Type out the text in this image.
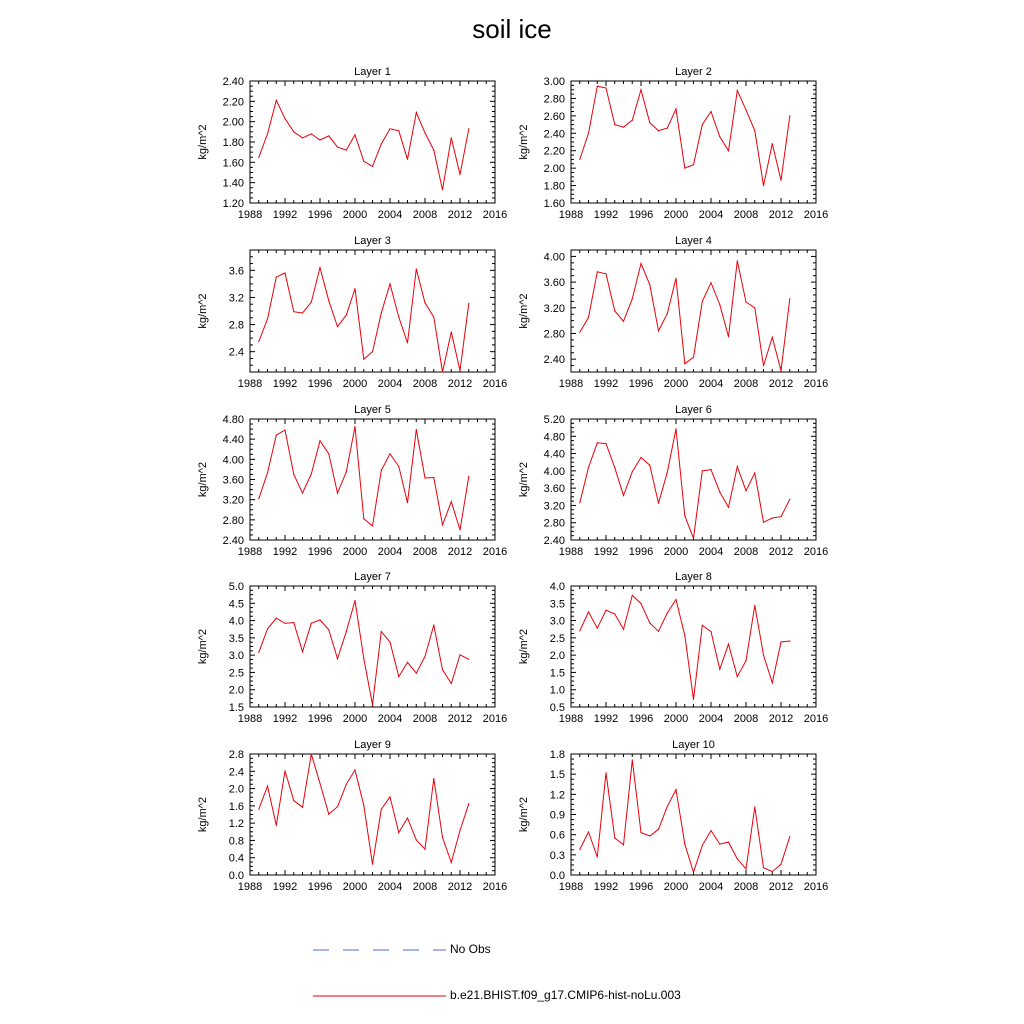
soil ice
Layer 1
kg/m^2
1988 1992 1996 2000 2004 2008 2012 2016
1.20
1.40
1.60
1.80
2.00
2.20
2.40
Layer 2
kg/m^2
1988 1992 1996 2000 2004 2008 2012 2016
1.60
1.80
2.00
2.20
2.40
2.60
2.80
3.00
Layer 3
kg/m^2
1988 1992 1996 2000 2004 2008 2012 2016
2.4
2.8
3.2
3.6
Layer 4
kg/m^2
1988 1992 1996 2000 2004 2008 2012 2016
2.40
2.80
3.20
3.60
4.00
Layer 5
kg/m^2
1988 1992 1996 2000 2004 2008 2012 2016
2.40
2.80
3.20
3.60
4.00
4.40
4.80
Layer 6
kg/m^2
1988 1992 1996 2000 2004 2008 2012 2016
2.40
2.80
3.20
3.60
4.00
4.40
4.80
5.20
Layer 7
kg/m^2
1988 1992 1996 2000 2004 2008 2012 2016
1.5
2.0
2.5
3.0
3.5
4.0
4.5
5.0
Layer 8
kg/m^2
1988 1992 1996 2000 2004 2008 2012 2016
0.5
1.0
1.5
2.0
2.5
3.0
3.5
4.0
Layer 9
kg/m^2
1988 1992 1996 2000 2004 2008 2012 2016
0.0
0.4
0.8
1.2
1.6
2.0
2.4
2.8
Layer 10
kg/m^2
1988 1992 1996 2000 2004 2008 2012 2016
0.0
0.3
0.6
0.9
1.2
1.5
1.8
No Obs
b.e21.BHIST.f09_g17.CMIP6-hist-noLu.003
